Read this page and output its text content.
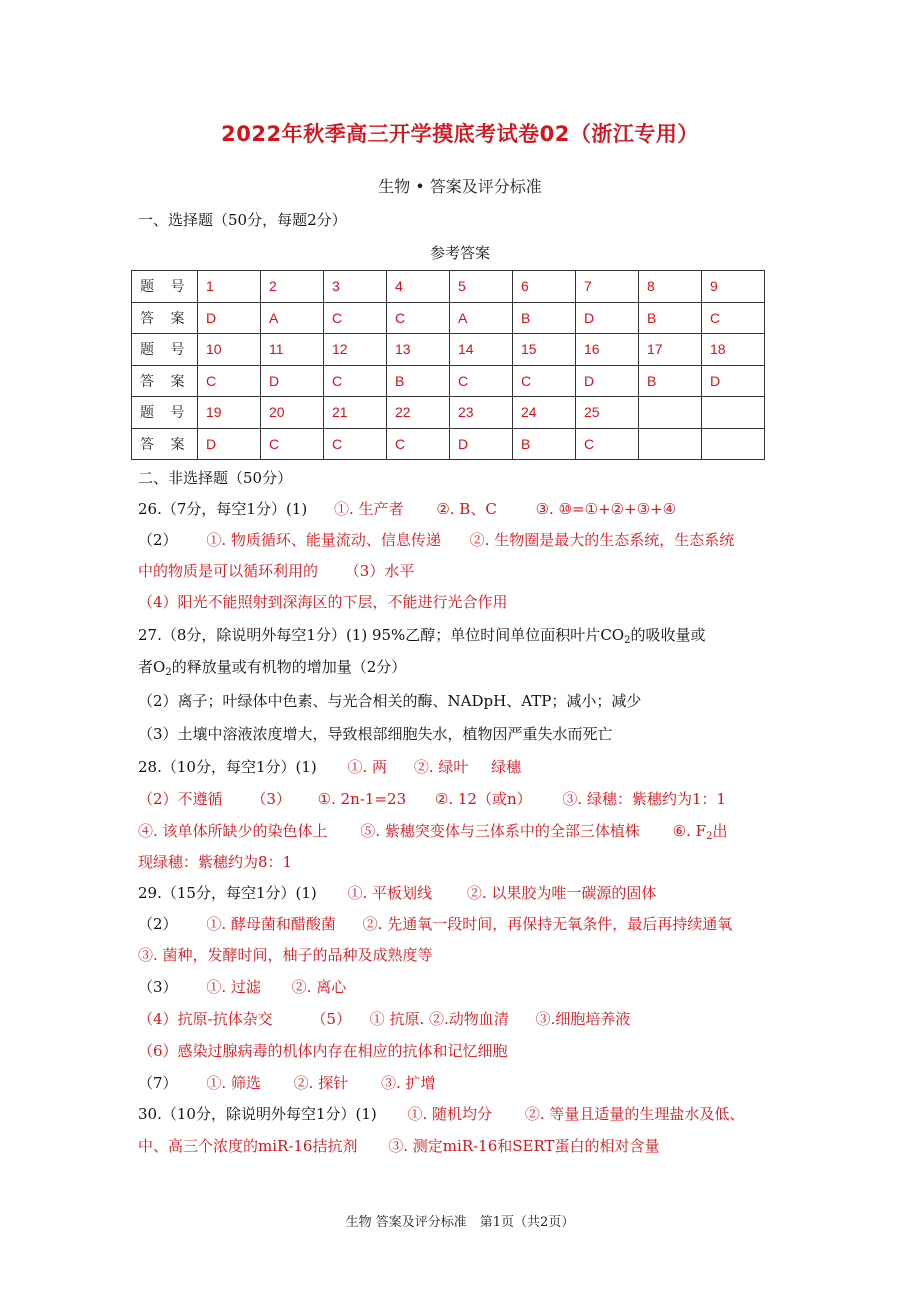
2022年秋季高三开学摸底考试卷02（浙江专用）
生物 • 答案及评分标准
一、选择题（50分，每题2分）
参考答案
题 号	1	2	3	4	5	6	7	8	9
答 案	D	A	C	C	A	B	D	B	C
题 号	10	11	12	13	14	15	16	17	18
答 案	C	D	C	B	C	C	D	B	D
题 号	19	20	21	22	23	24	25		
答 案	D	C	C	C	D	B	C		
二、非选择题（50分）
26.（7分，每空1分）(1) ①. 生产者 ②. B、C	③. ⑩=①+②+③+④
（2） ①. 物质循环、能量流动、信息传递 ②. 生物圈是最大的生态系统，生态系统
中的物质是可以循环利用的 （3）水平
（4）阳光不能照射到深海区的下层，不能进行光合作用
27.（8分，除说明外每空1分）(1) 95%乙醇；单位时间单位面积叶片$CO_2$的吸收量或
者$O_2$的释放量或有机物的增加量（2分）
（2）离子；叶绿体中色素、与光合相关的酶、NADpH、ATP；减小；减少
（3）土壤中溶液浓度增大，导致根部细胞失水，植物因严重失水而死亡
28.（10分，每空1分）(1) ①. 两 ②. 绿叶 绿穗
（2）不遵循 （3） ①. 2n-1=23 ②. 12（或n） ③. 绿穗：紫穗约为1：1
④. 该单体所缺少的染色体上 ⑤. 紫穗突变体与三体系中的全部三体植株 ⑥. $F_2$出
现绿穗：紫穗约为8：1
29.（15分，每空1分）(1) ①. 平板划线 ②. 以果胶为唯一碳源的固体
（2） ①. 酵母菌和醋酸菌 ②. 先通氧一段时间，再保持无氧条件，最后再持续通氧
③. 菌种，发酵时间，柚子的品种及成熟度等
（3） ①. 过滤 ②. 离心
（4）抗原-抗体杂交	（5） ① 抗原. ②.动物血清 ③.细胞培养液
（6）感染过腺病毒的机体内存在相应的抗体和记忆细胞
（7） ①. 筛选 ②. 探针 ③. 扩增
30.（10分，除说明外每空1分）(1) ①. 随机均分 ②. 等量且适量的生理盐水及低、
中、高三个浓度的miR-16拮抗剂 ③. 测定miR-16和SERT蛋白的相对含量
生物 答案及评分标准　第1页（共2页）
